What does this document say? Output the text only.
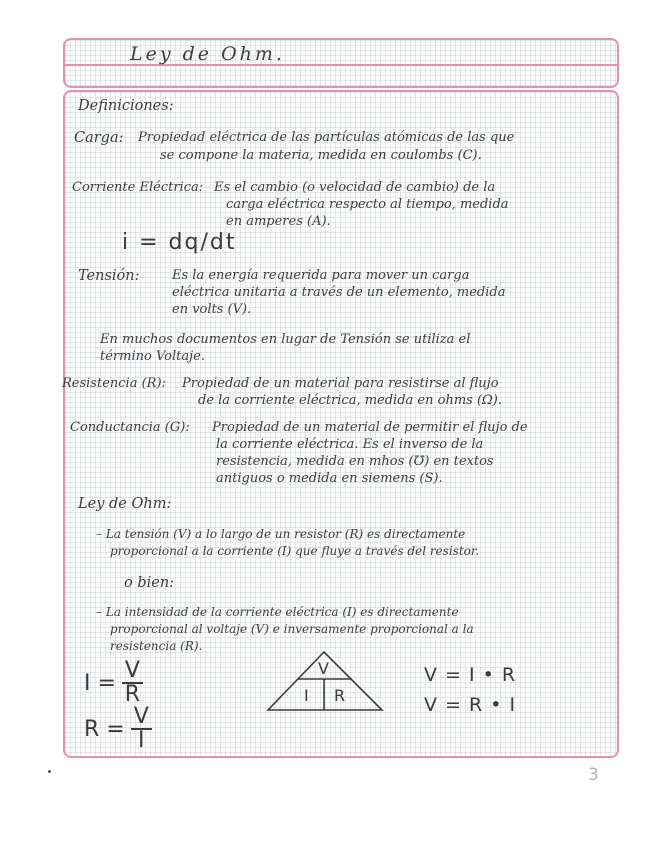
Ley de Ohm.
Definiciones:
Carga: Propiedad eléctrica de las partículas atómicas de las que
se compone la materia, medida en coulombs (C).
Corriente Eléctrica: Es el cambio (o velocidad de cambio) de la
carga eléctrica respecto al tiempo, medida
en amperes (A).
i = dq/dt
Tensión:	Es la energía requerida para mover un carga
eléctrica unitaria a través de un elemento, medida
en volts (V).
En muchos documentos en lugar de Tensión se utiliza el
término Voltaje.
Resistencia (R): Propiedad de un material para resistirse al flujo
de la corriente eléctrica, medida en ohms (Ω).
Conductancia (G): Propiedad de un material de permitir el flujo de
la corriente eléctrica. Es el inverso de la
resistencia, medida en mhos (℧) en textos
antiguos o medida en siemens (S).
Ley de Ohm:
– La tensión (V) a lo largo de un resistor (R) es directamente
proporcional a la corriente (I) que fluye a través del resistor.
o bien:
– La intensidad de la corriente eléctrica (I) es directamente
proporcional al voltaje (V) e inversamente proporcional a la
resistencia (R).
$I = \frac{V}{R}$
$R = \frac{V}{I}$
V
I R
V = I • R
V = R • I
3
